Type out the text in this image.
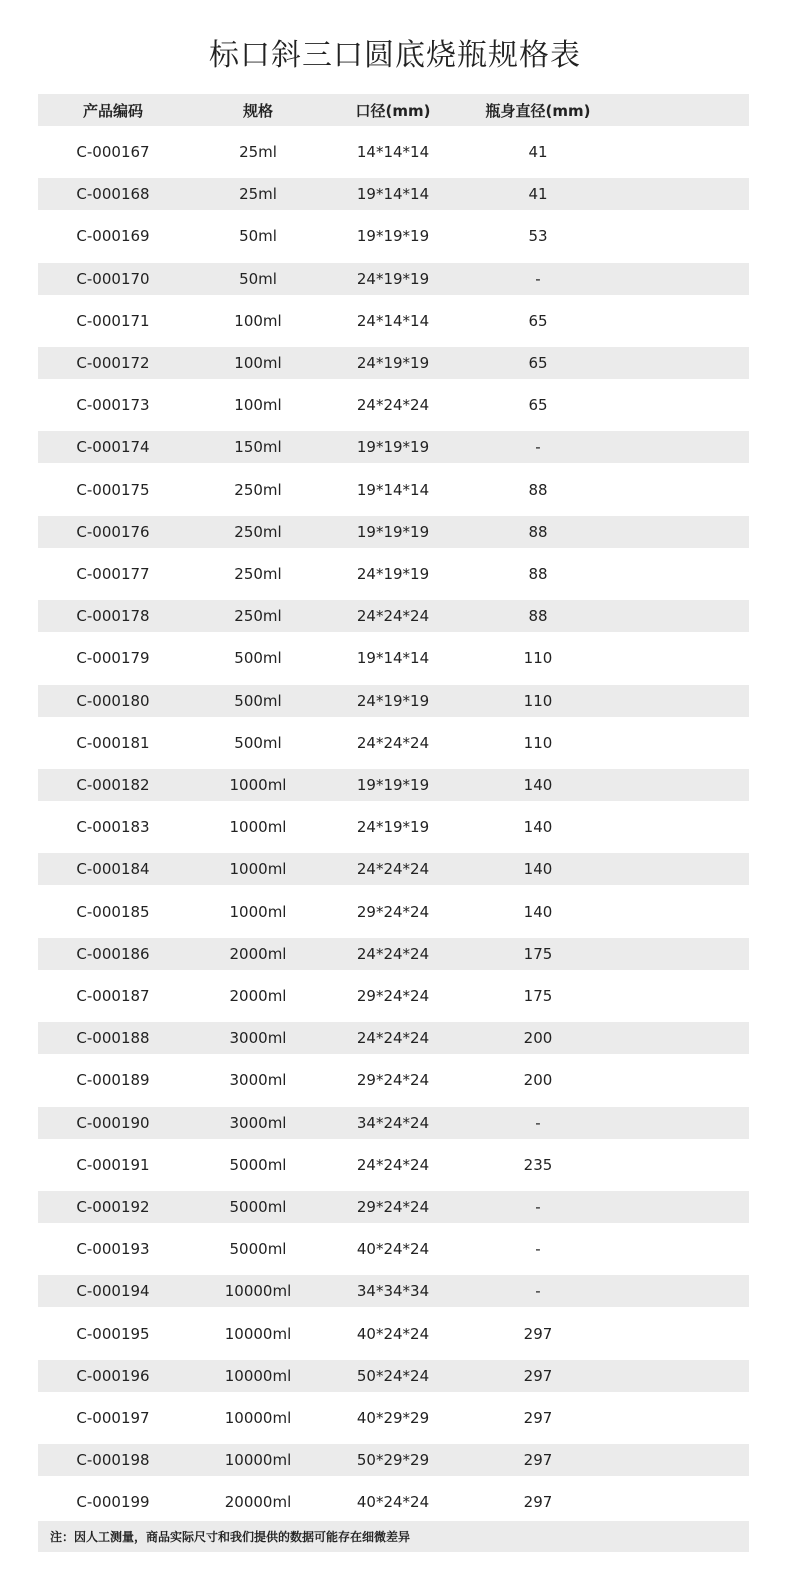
标口斜三口圆底烧瓶规格表
产品编码	规格	口径(mm)	瓶身直径(mm)
C-000167	25ml	14*14*14	41
C-000168	25ml	19*14*14	41
C-000169	50ml	19*19*19	53
C-000170	50ml	24*19*19	-
C-000171	100ml	24*14*14	65
C-000172	100ml	24*19*19	65
C-000173	100ml	24*24*24	65
C-000174	150ml	19*19*19	-
C-000175	250ml	19*14*14	88
C-000176	250ml	19*19*19	88
C-000177	250ml	24*19*19	88
C-000178	250ml	24*24*24	88
C-000179	500ml	19*14*14	110
C-000180	500ml	24*19*19	110
C-000181	500ml	24*24*24	110
C-000182	1000ml	19*19*19	140
C-000183	1000ml	24*19*19	140
C-000184	1000ml	24*24*24	140
C-000185	1000ml	29*24*24	140
C-000186	2000ml	24*24*24	175
C-000187	2000ml	29*24*24	175
C-000188	3000ml	24*24*24	200
C-000189	3000ml	29*24*24	200
C-000190	3000ml	34*24*24	-
C-000191	5000ml	24*24*24	235
C-000192	5000ml	29*24*24	-
C-000193	5000ml	40*24*24	-
C-000194	10000ml	34*34*34	-
C-000195	10000ml	40*24*24	297
C-000196	10000ml	50*24*24	297
C-000197	10000ml	40*29*29	297
C-000198	10000ml	50*29*29	297
C-000199	20000ml	40*24*24	297
注：因人工测量，商品实际尺寸和我们提供的数据可能存在细微差异
